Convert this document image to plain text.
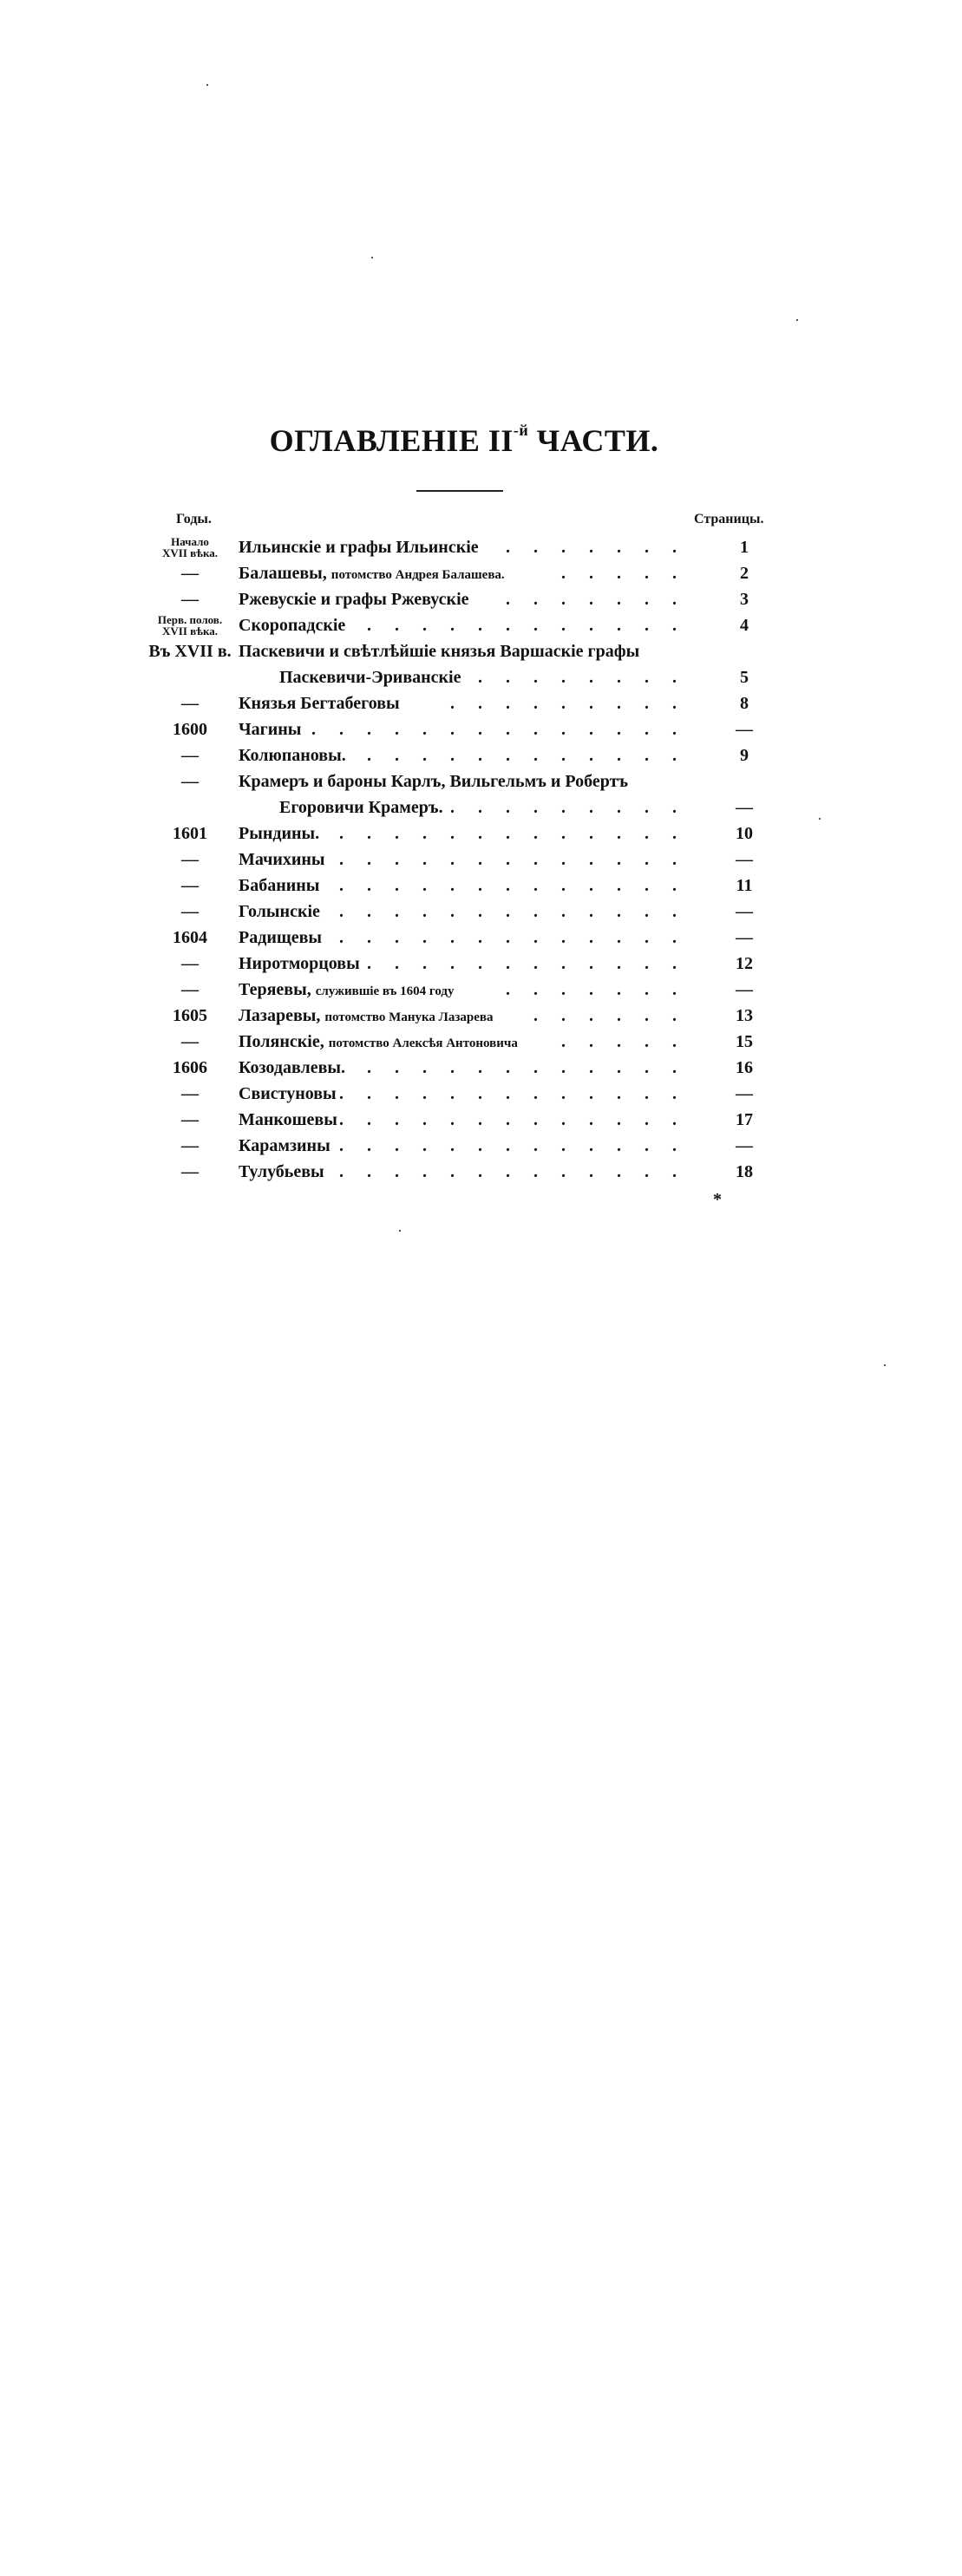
ОГЛАВЛЕНІЕ $II^{-й}$ ЧАСТИ.
Годы.	Страницы.
Начало
XVII вѣка.	Ильинскіе и графы Ильинскіе . . . . . . .	1
—	Балашевы, потомство Андрея Балашева.	. . . . .	2
—	Ржевускіе и графы Ржевускіе . . . . . . .	3
Перв. полов.
XVII вѣка.	Скоропадскіе . . . . . . . . . . . .	4
Въ XVII в. Паскевичи и свѣтлѣйшіе князья Варшаскіе графы
Паскевичи-Эриванскіе . . . . . . . .	5
—	Князья Бегтабеговы	. . . . . . . . .	8
1600	Чагины . . . . . . . . . . . . . .	—
—	Колюпановы. . . . . . . . . . . . .	9
—	Крамеръ и бароны Карлъ, Вильгельмъ и Робертъ
Егоровичи Крамеръ. . . . . . . . . .	—
1601	Рындины. . . . . . . . . . . . . .	10
—	Мачихины . . . . . . . . . . . . .	—
—	Бабанины . . . . . . . . . . . . .	11
—	Голынскіе . . . . . . . . . . . . .	—
1604	Радищевы . . . . . . . . . . . . .	—
—	Ниротморцовы . . . . . . . . . . . .	12
—	Теряевы, служившіе въ 1604 году	. . . . . . .	—
1605	Лазаревы, потомство Манука Лазарева . . . . . .	13
—	Полянскіе, потомство Алексѣя Антоновича	. . . . .	15
1606	Козодавлевы. . . . . . . . . . . . .	16
—	Свистуновы . . . . . . . . . . . . .	—
—	Манкошевы . . . . . . . . . . . . .	17
—	Карамзины . . . . . . . . . . . . .	—
—	Тулубьевы . . . . . . . . . . . . .	18
*
